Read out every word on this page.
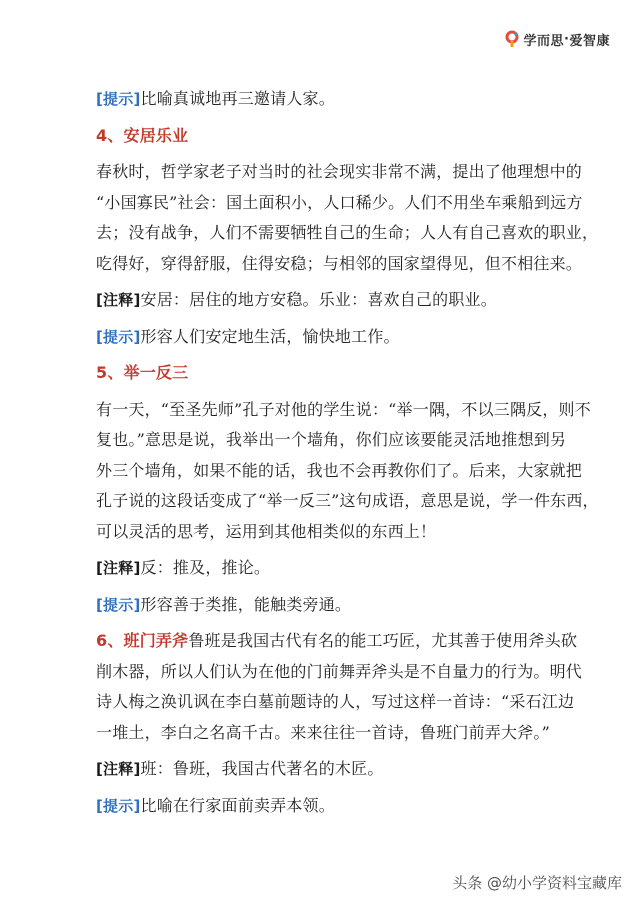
学而思 · 爱智康

[提示]比喻真诚地再三邀请人家。

4、安居乐业

春秋时，哲学家老子对当时的社会现实非常不满，提出了他理想中的
“小国寡民”社会：国土面积小，人口稀少。人们不用坐车乘船到远方
去；没有战争，人们不需要牺牲自己的生命；人人有自己喜欢的职业，
吃得好，穿得舒服，住得安稳；与相邻的国家望得见，但不相往来。

[注释]安居：居住的地方安稳。乐业：喜欢自己的职业。

[提示]形容人们安定地生活，愉快地工作。

5、举一反三

有一天，“至圣先师”孔子对他的学生说：“举一隅，不以三隅反，则不
复也。”意思是说，我举出一个墙角，你们应该要能灵活地推想到另
外三个墙角，如果不能的话，我也不会再教你们了。后来，大家就把
孔子说的这段话变成了“举一反三”这句成语，意思是说，学一件东西，
可以灵活的思考，运用到其他相类似的东西上！

[注释]反：推及，推论。

[提示]形容善于类推，能触类旁通。

6、班门弄斧鲁班是我国古代有名的能工巧匠，尤其善于使用斧头砍
削木器，所以人们认为在他的门前舞弄斧头是不自量力的行为。明代
诗人梅之涣讥讽在李白墓前题诗的人，写过这样一首诗：“采石江边
一堆土，李白之名高千古。来来往往一首诗，鲁班门前弄大斧。”

[注释]班：鲁班，我国古代著名的木匠。

[提示]比喻在行家面前卖弄本领。

头条 @幼小学资料宝藏库
